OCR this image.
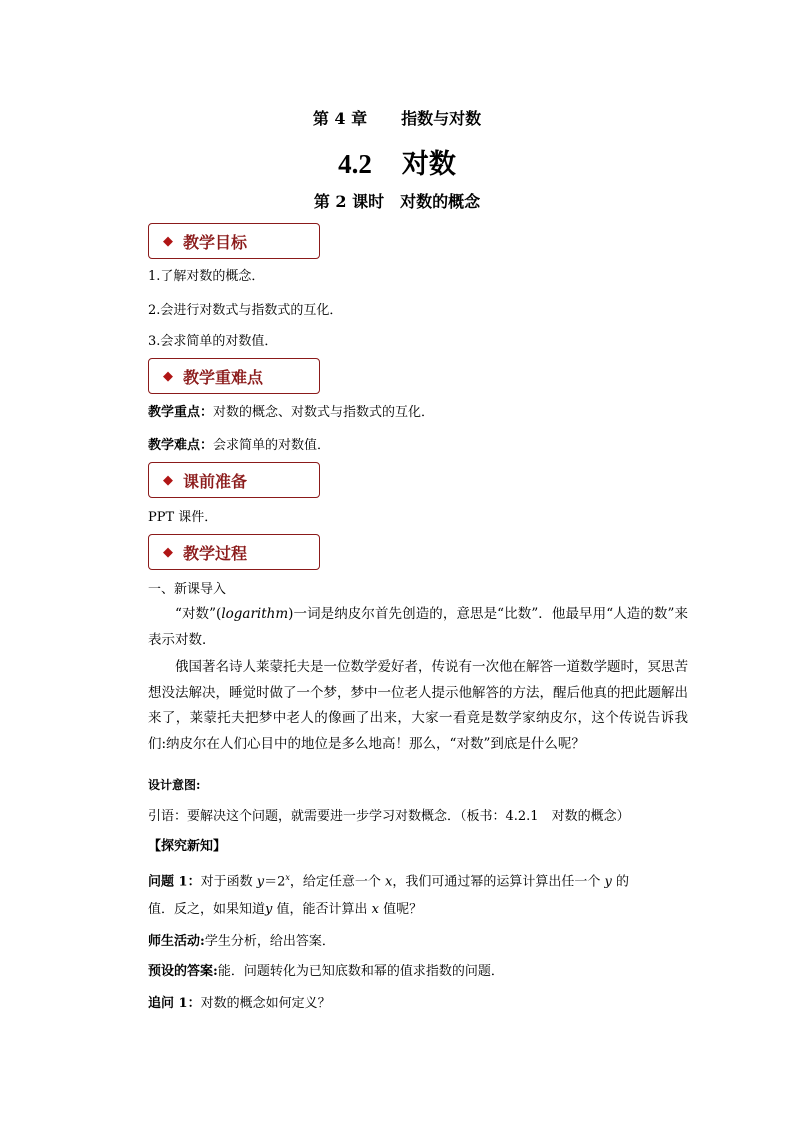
第 4 章 指数与对数
4.2 对数
第 2 课时 对数的概念
◆ 教学目标
1.了解对数的概念．
2.会进行对数式与指数式的互化．
3.会求简单的对数值．
◆ 教学重难点
教学重点：对数的概念、对数式与指数式的互化．
教学难点：会求简单的对数值．
◆ 课前准备
PPT 课件．
◆ 教学过程
一、新课导入
“对数”(logarithm)一词是纳皮尔首先创造的，意思是“比数”．他最早用“人造的数”来表示对数．
俄国著名诗人莱蒙托夫是一位数学爱好者，传说有一次他在解答一道数学题时，冥思苦想没法解决，睡觉时做了一个梦，梦中一位老人提示他解答的方法，醒后他真的把此题解出来了，莱蒙托夫把梦中老人的像画了出来，大家一看竟是数学家纳皮尔，这个传说告诉我们:纳皮尔在人们心目中的地位是多么地高！那么，“对数”到底是什么呢？
设计意图:
引语：要解决这个问题，就需要进一步学习对数概念．（板书：4.2.1　对数的概念）
【探究新知】
问题 1：对于函数 $y=2^x$，给定任意一个 x，我们可通过幂的运算计算出任一个 y 的
值．反之，如果知道y 值，能否计算出 x 值呢？
师生活动:学生分析，给出答案．
预设的答案:能．问题转化为已知底数和幂的值求指数的问题．
追问 1：对数的概念如何定义？
